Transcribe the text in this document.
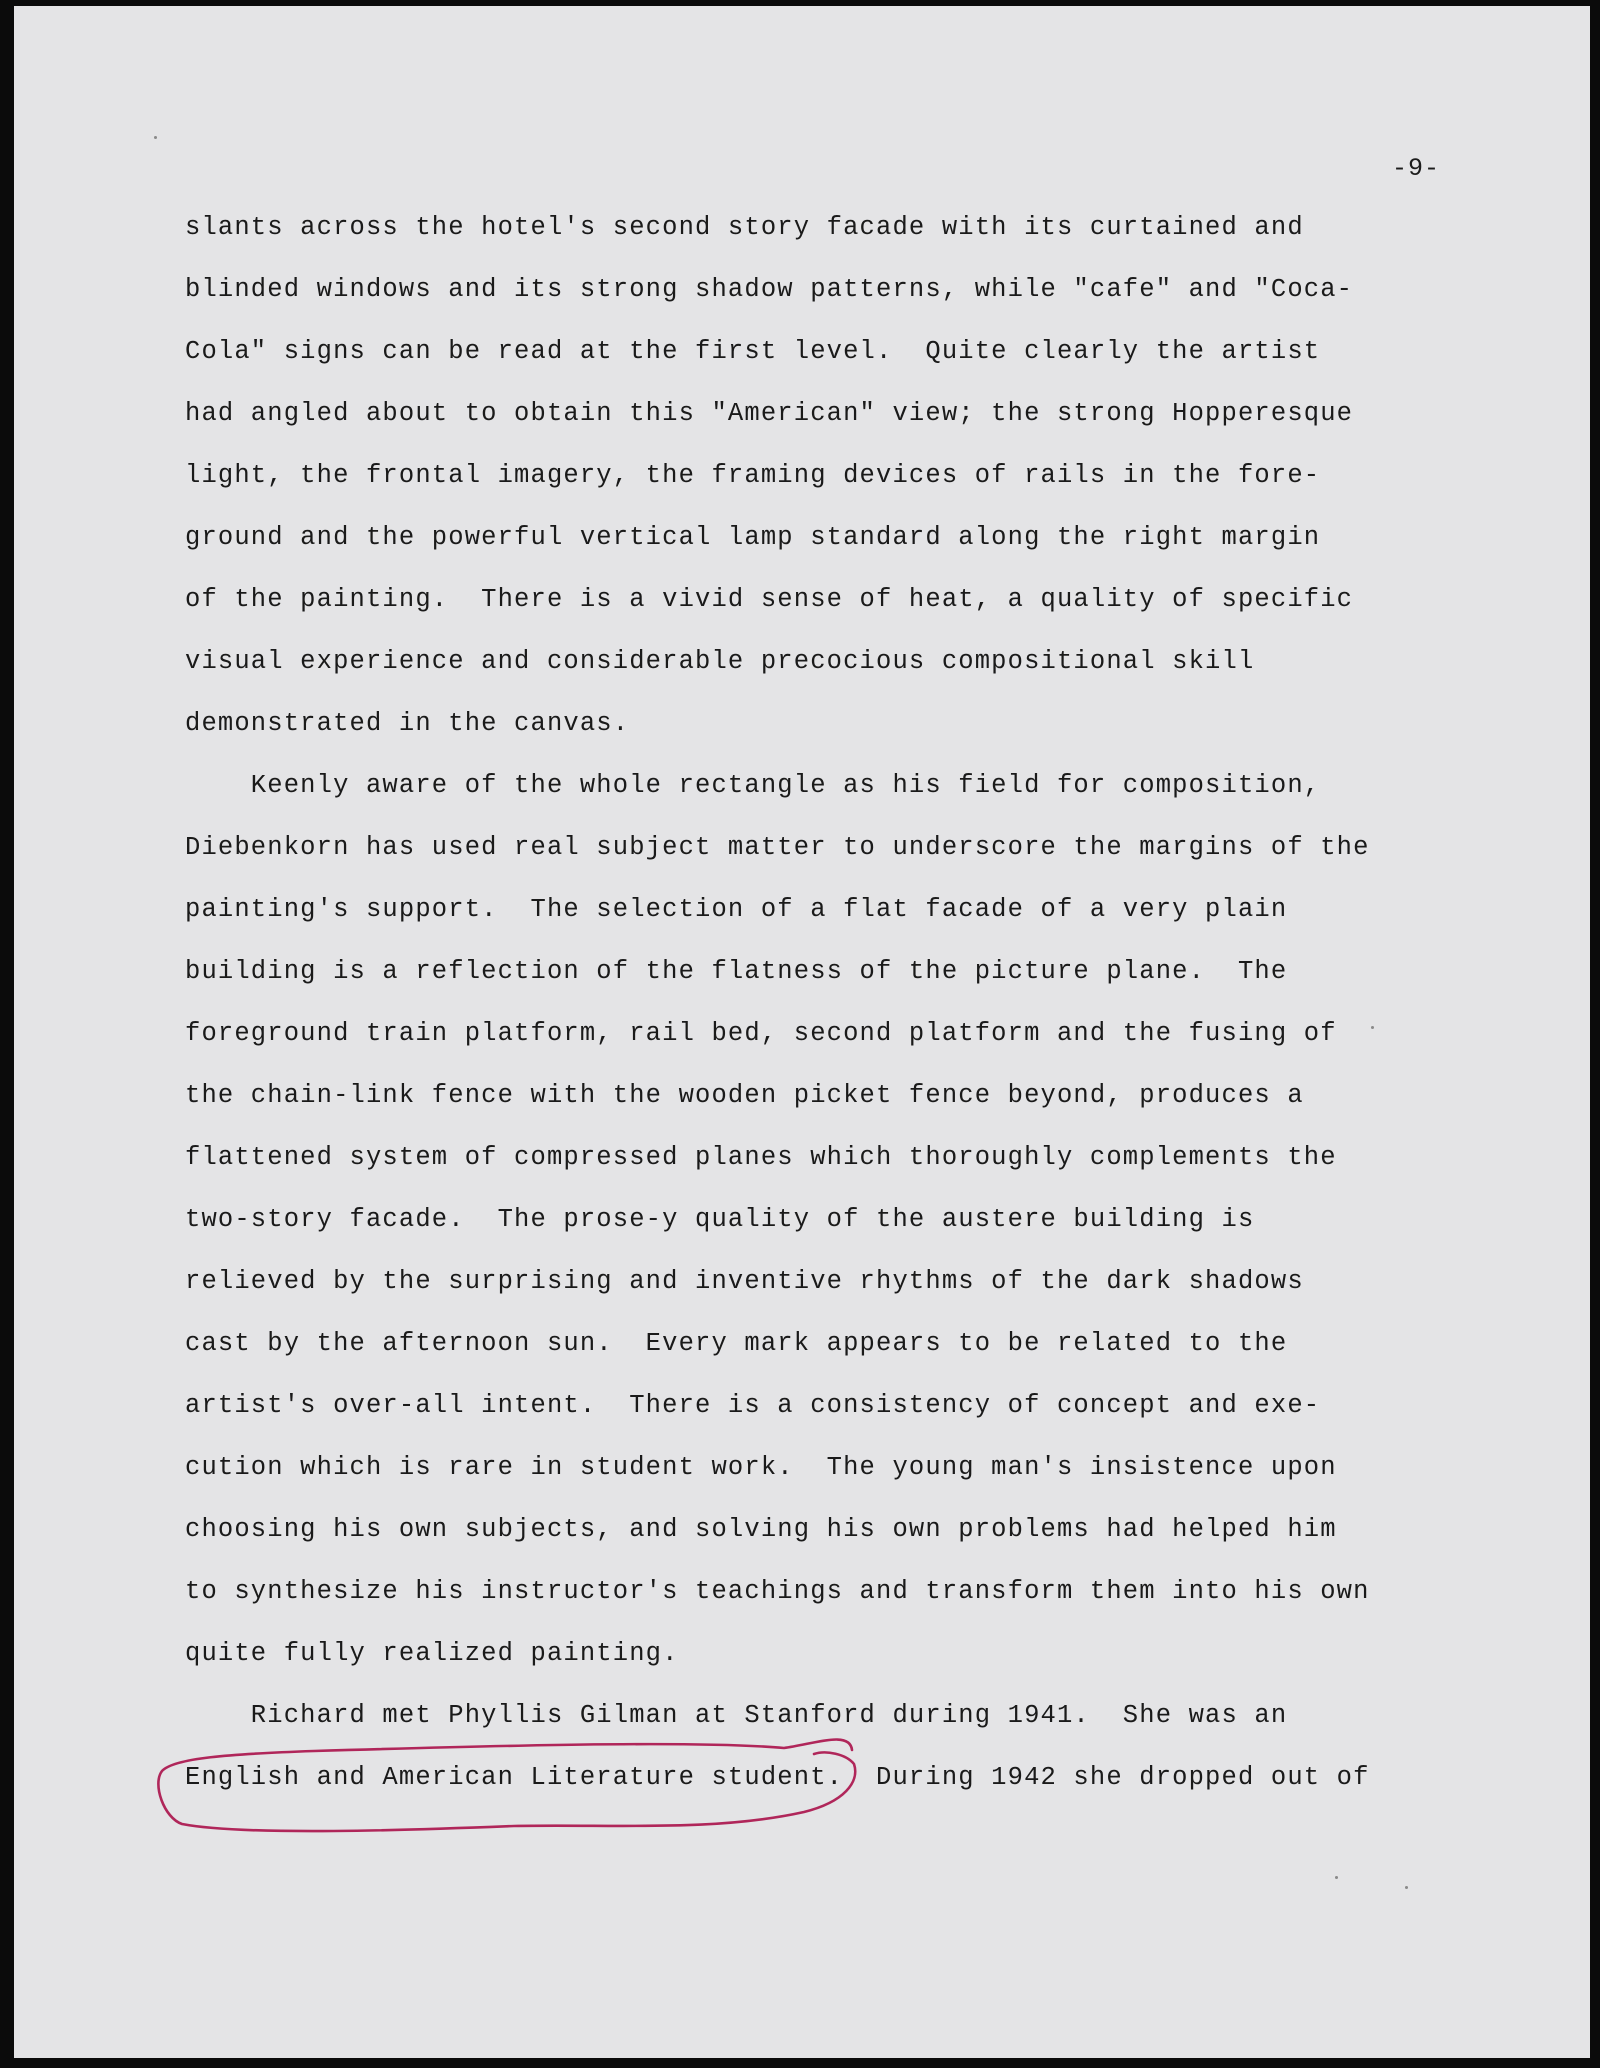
-9-
slants across the hotel's second story facade with its curtained and
blinded windows and its strong shadow patterns, while "cafe" and "Coca-
Cola" signs can be read at the first level.  Quite clearly the artist
had angled about to obtain this "American" view; the strong Hopperesque
light, the frontal imagery, the framing devices of rails in the fore-
ground and the powerful vertical lamp standard along the right margin
of the painting.  There is a vivid sense of heat, a quality of specific
visual experience and considerable precocious compositional skill
demonstrated in the canvas.
Keenly aware of the whole rectangle as his field for composition,
Diebenkorn has used real subject matter to underscore the margins of the
painting's support.  The selection of a flat facade of a very plain
building is a reflection of the flatness of the picture plane.  The
foreground train platform, rail bed, second platform and the fusing of
the chain-link fence with the wooden picket fence beyond, produces a
flattened system of compressed planes which thoroughly complements the
two-story facade.  The prose-y quality of the austere building is
relieved by the surprising and inventive rhythms of the dark shadows
cast by the afternoon sun.  Every mark appears to be related to the
artist's over-all intent.  There is a consistency of concept and exe-
cution which is rare in student work.  The young man's insistence upon
choosing his own subjects, and solving his own problems had helped him
to synthesize his instructor's teachings and transform them into his own
quite fully realized painting.
Richard met Phyllis Gilman at Stanford during 1941.  She was an
English and American Literature student.  During 1942 she dropped out of
